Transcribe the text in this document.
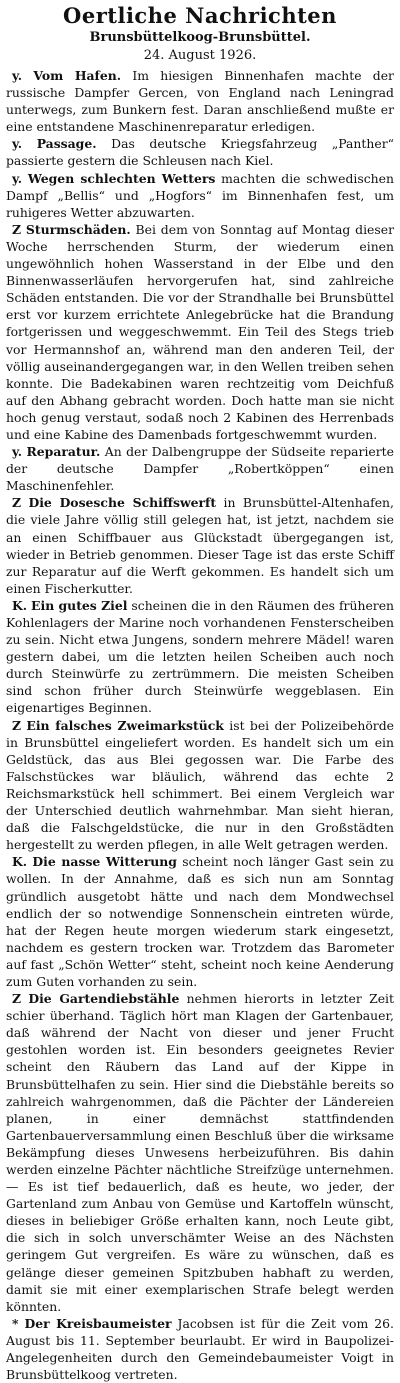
Oertliche Nachrichten
Brunsbüttelkoog-Brunsbüttel.
24. August 1926.

y. Vom Hafen. Im hiesigen Binnenhafen machte der russische Dampfer Gercen, von England nach Leningrad unterwegs, zum Bunkern fest. Daran anschließend mußte er eine entstandene Maschinenreparatur erledigen.

y. Passage. Das deutsche Kriegsfahrzeug „Panther“ passierte gestern die Schleusen nach Kiel.

y. Wegen schlechten Wetters machten die schwedischen Dampf „Bellis“ und „Hogfors“ im Binnenhafen fest, um ruhigeres Wetter abzuwarten.

Z Sturmschäden. Bei dem von Sonntag auf Montag dieser Woche herrschenden Sturm, der wiederum einen ungewöhnlich hohen Wasserstand in der Elbe und den Binnenwasserläufen hervorgerufen hat, sind zahlreiche Schäden entstanden. Die vor der Strandhalle bei Brunsbüttel erst vor kurzem errichtete Anlegebrücke hat die Brandung fortgerissen und weggeschwemmt. Ein Teil des Stegs trieb vor Hermannshof an, während man den anderen Teil, der völlig auseinandergegangen war, in den Wellen treiben sehen konnte. Die Badekabinen waren rechtzeitig vom Deichfuß auf den Abhang gebracht worden. Doch hatte man sie nicht hoch genug verstaut, sodaß noch 2 Kabinen des Herrenbads und eine Kabine des Damenbads fortgeschwemmt wurden.

y. Reparatur. An der Dalbengruppe der Südseite reparierte der deutsche Dampfer „Robertköppen“ einen Maschinenfehler.

Z Die Dosesche Schiffswerft in Brunsbüttel-Altenhafen, die viele Jahre völlig still gelegen hat, ist jetzt, nachdem sie an einen Schiffbauer aus Glückstadt übergegangen ist, wieder in Betrieb genommen. Dieser Tage ist das erste Schiff zur Reparatur auf die Werft gekommen. Es handelt sich um einen Fischerkutter.

K. Ein gutes Ziel scheinen die in den Räumen des früheren Kohlenlagers der Marine noch vorhandenen Fensterscheiben zu sein. Nicht etwa Jungens, sondern mehrere Mädel! waren gestern dabei, um die letzten heilen Scheiben auch noch durch Steinwürfe zu zertrümmern. Die meisten Scheiben sind schon früher durch Steinwürfe weggeblasen. Ein eigenartiges Beginnen.

Z Ein falsches Zweimarkstück ist bei der Polizeibehörde in Brunsbüttel eingeliefert worden. Es handelt sich um ein Geldstück, das aus Blei gegossen war. Die Farbe des Falschstückes war bläulich, während das echte 2 Reichsmarkstück hell schimmert. Bei einem Vergleich war der Unterschied deutlich wahrnehmbar. Man sieht hieran, daß die Falschgeldstücke, die nur in den Großstädten hergestellt zu werden pflegen, in alle Welt getragen werden.

K. Die nasse Witterung scheint noch länger Gast sein zu wollen. In der Annahme, daß es sich nun am Sonntag gründlich ausgetobt hätte und nach dem Mondwechsel endlich der so notwendige Sonnenschein eintreten würde, hat der Regen heute morgen wiederum stark eingesetzt, nachdem es gestern trocken war. Trotzdem das Barometer auf fast „Schön Wetter“ steht, scheint noch keine Aenderung zum Guten vorhanden zu sein.

Z Die Gartendiebstähle nehmen hierorts in letzter Zeit schier überhand. Täglich hört man Klagen der Gartenbauer, daß während der Nacht von dieser und jener Frucht gestohlen worden ist. Ein besonders geeignetes Revier scheint den Räubern das Land auf der Kippe in Brunsbüttelhafen zu sein. Hier sind die Diebstähle bereits so zahlreich wahrgenommen, daß die Pächter der Ländereien planen, in einer demnächst stattfindenden Gartenbauerversammlung einen Beschluß über die wirksame Bekämpfung dieses Unwesens herbeizuführen. Bis dahin werden einzelne Pächter nächtliche Streifzüge unternehmen. — Es ist tief bedauerlich, daß es heute, wo jeder, der Gartenland zum Anbau von Gemüse und Kartoffeln wünscht, dieses in beliebiger Größe erhalten kann, noch Leute gibt, die sich in solch unverschämter Weise an des Nächsten geringem Gut vergreifen. Es wäre zu wünschen, daß es gelänge dieser gemeinen Spitzbuben habhaft zu werden, damit sie mit einer exemplarischen Strafe belegt werden könnten.

* Der Kreisbaumeister Jacobsen ist für die Zeit vom 26. August bis 11. September beurlaubt. Er wird in Baupolizei-Angelegenheiten durch den Gemeindebaumeister Voigt in Brunsbüttelkoog vertreten.
